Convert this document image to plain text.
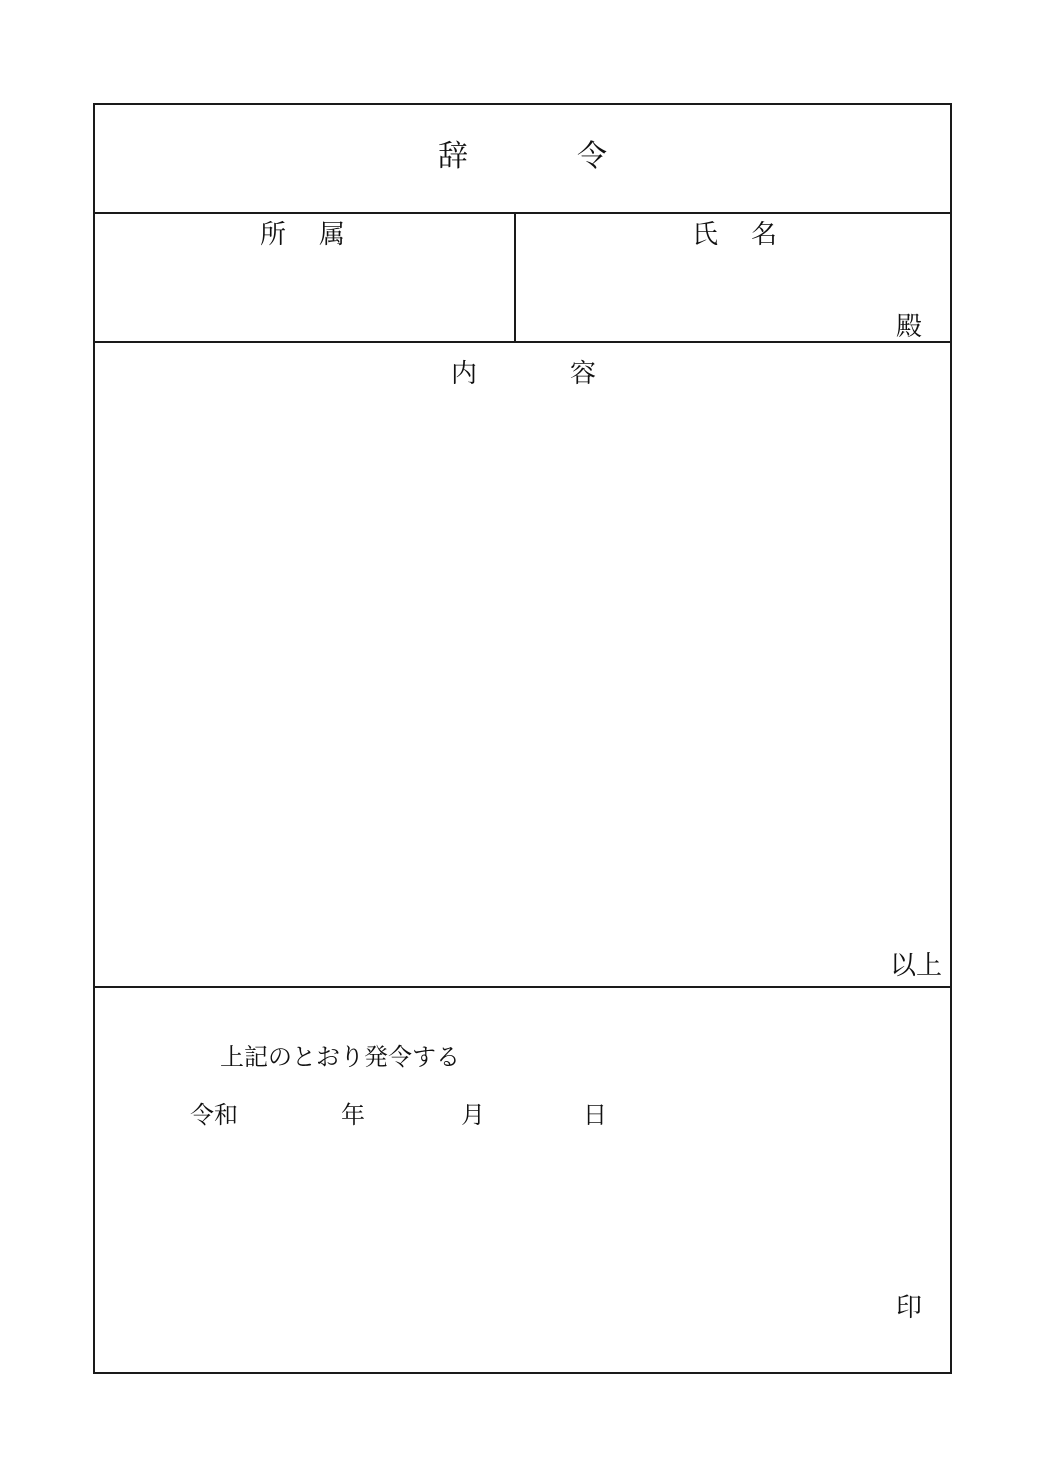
辞	令
所 属	氏 名
殿
内	容
以上
上記のとおり発令する
令和	年	月	日
印
